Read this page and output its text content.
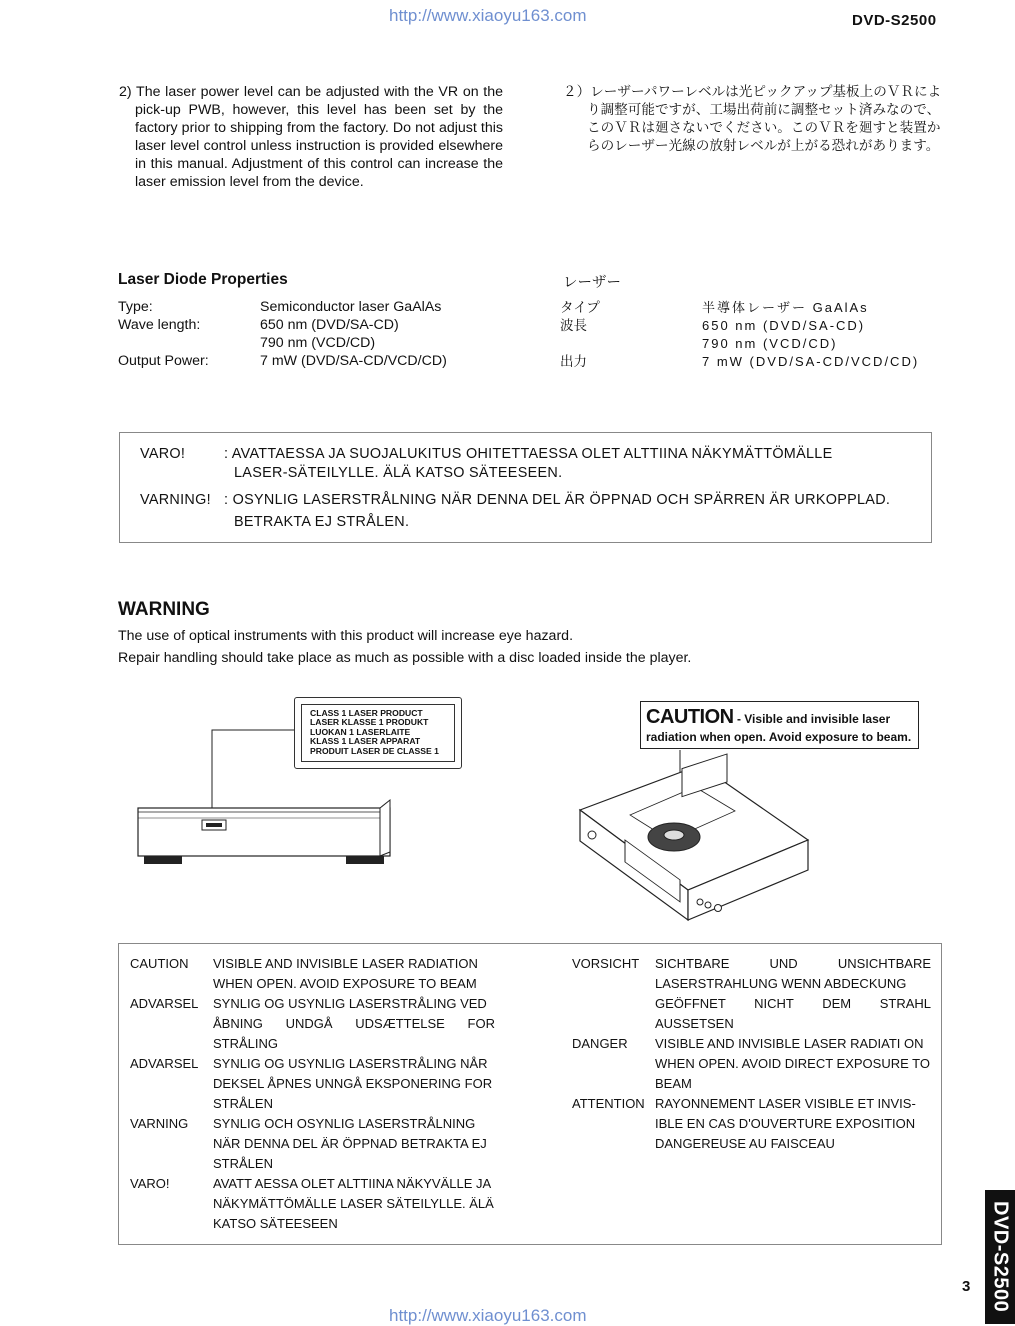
http://www.xiaoyu163.com	DVD-S2500
2) The laser power level can be adjusted with the VR on the pick-up PWB, however, this level has been set by the factory prior to shipping from the factory. Do not adjust this laser level control unless instruction is provided elsewhere in this manual. Adjustment of this control can increase the laser emission level from the device.
２）レーザーパワーレベルは光ピックアップ基板上のＶＲにより調整可能ですが、工場出荷前に調整セット済みなので、このＶＲは廻さないでください。このＶＲを廻すと装置からのレーザー光線の放射レベルが上がる恐れがあります。
Laser Diode Properties	レーザー
Type:	Semiconductor laser GaAlAs
Wave length:	650 nm (DVD/SA-CD)
790 nm (VCD/CD)
Output Power:	7 mW (DVD/SA-CD/VCD/CD)
タイプ	半導体レーザー GaAlAs
波長	650 nm (DVD/SA-CD)
790 nm (VCD/CD)
出力	7 mW (DVD/SA-CD/VCD/CD)
VARO!	: AVATTAESSA JA SUOJALUKITUS OHITETTAESSA OLET ALTTIINA NÄKYMÄTTÖMÄLLE
LASER-SÄTEILYLLE. ÄLÄ KATSO SÄTEESEEN.
VARNING! : OSYNLIG LASERSTRÅLNING NÄR DENNA DEL ÄR ÖPPNAD OCH SPÄRREN ÄR URKOPPLAD.
BETRAKTA EJ STRÅLEN.
WARNING
The use of optical instruments with this product will increase eye hazard.
Repair handling should take place as much as possible with a disc loaded inside the player.
CLASS 1 LASER PRODUCT
LASER KLASSE 1 PRODUKT
LUOKAN 1 LASERLAITE
KLASS 1 LASER APPARAT
PRODUIT LASER DE CLASSE 1
CAUTION - Visible and invisible laser
radiation when open. Avoid exposure to beam.
CAUTION	VISIBLE AND INVISIBLE LASER RADIATION
WHEN OPEN. AVOID EXPOSURE TO BEAM
ADVARSEL	SYNLIG OG USYNLIG LASERSTRÅLING VED
ÅBNING UNDGÅ UDSÆTTELSE FOR
STRÅLING
ADVARSEL	SYNLIG OG USYNLIG LASERSTRÅLING NÅR
DEKSEL ÅPNES UNNGÅ EKSPONERING FOR
STRÅLEN
VARNING	SYNLIG OCH OSYNLIG LASERSTRÅLNING
NÄR DENNA DEL ÄR ÖPPNAD BETRAKTA EJ
STRÅLEN
VARO!	AVATT AESSA OLET ALTTIINA NÄKYVÄLLE JA
NÄKYMÄTTÖMÄLLE LASER SÄTEILYLLE. ÄLÄ
KATSO SÄTEESEEN
VORSICHT	SICHTBARE UND UNSICHTBARE
LASERSTRAHLUNG WENN ABDECKUNG
GEÖFFNET NICHT DEM STRAHL
AUSSETSEN
DANGER	VISIBLE AND INVISIBLE LASER RADIATI ON
WHEN OPEN. AVOID DIRECT EXPOSURE TO
BEAM
ATTENTION RAYONNEMENT LASER VISIBLE ET INVIS-
IBLE EN CAS D'OUVERTURE EXPOSITION
DANGEREUSE AU FAISCEAU
3
http://www.xiaoyu163.com
DVD-S2500
